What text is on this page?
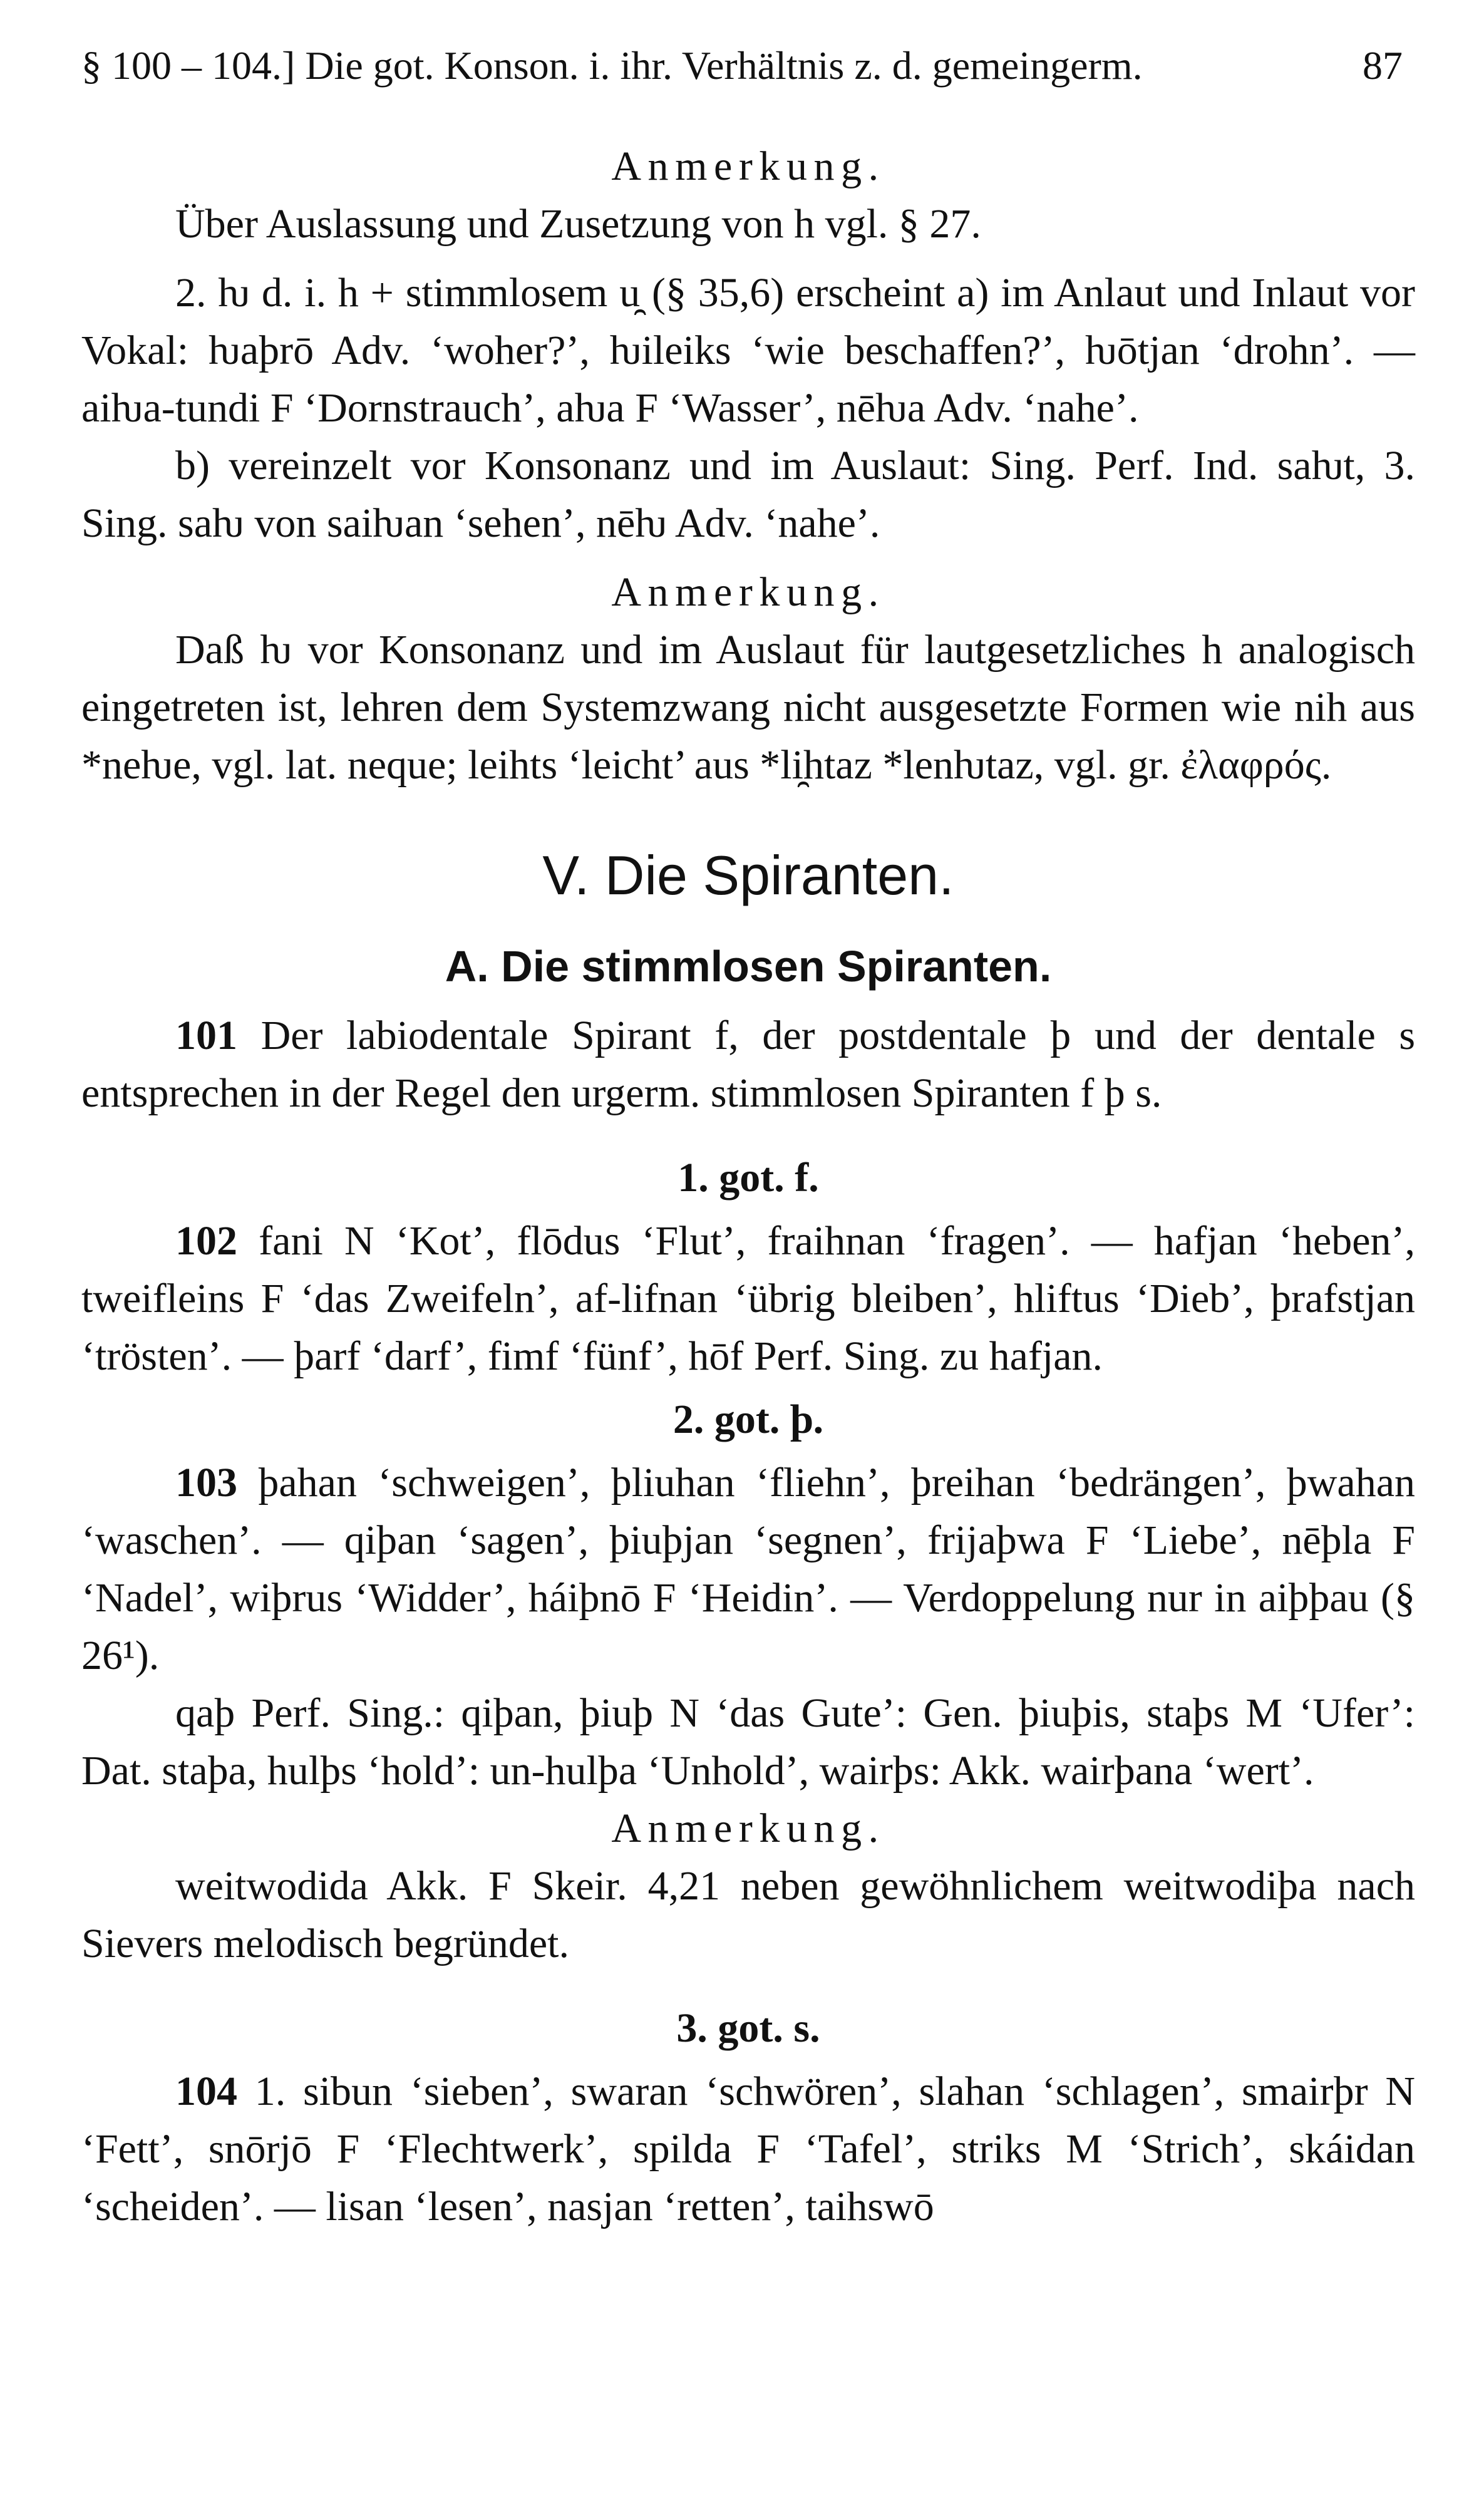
§ 100 – 104.] Die got. Konson. i. ihr. Verhältnis z. d. gemeingerm.	87

Anmerkung.

Über Auslassung und Zusetzung von h vgl. § 27.

2. ƕ d. i. h + stimmlosem u̯ (§ 35,6) erscheint a) im Anlaut und Inlaut vor Vokal: ƕaþrō Adv. ‘woher?’, ƕileiks ‘wie beschaffen?’, ƕōtjan ‘drohn’. — aiƕa-tundi F ‘Dornstrauch’, aƕa F ‘Wasser’, nēƕa Adv. ‘nahe’.

b) vereinzelt vor Konsonanz und im Auslaut: Sing. Perf. Ind. saƕt, 3. Sing. saƕ von saiƕan ‘sehen’, nēƕ Adv. ‘nahe’.

Anmerkung.

Daß ƕ vor Konsonanz und im Auslaut für lautgesetzliches h analogisch eingetreten ist, lehren dem Systemzwang nicht ausgesetzte Formen wie nih aus *neƕe, vgl. lat. neque; leihts ‘leicht’ aus *li̯htaz *lenƕtaz, vgl. gr. ἐλαφρός.

V. Die Spiranten.
A. Die stimmlosen Spiranten.

101 Der labiodentale Spirant f, der postdentale þ und der dentale s entsprechen in der Regel den urgerm. stimmlosen Spiranten f þ s.

1. got. f.

102 fani N ‘Kot’, flōdus ‘Flut’, fraihnan ‘fragen’. — hafjan ‘heben’, tweifleins F ‘das Zweifeln’, af-lifnan ‘übrig bleiben’, hliftus ‘Dieb’, þrafstjan ‘trösten’. — þarf ‘darf’, fimf ‘fünf’, hōf Perf. Sing. zu hafjan.

2. got. þ.

103 þahan ‘schweigen’, þliuhan ‘fliehn’, þreihan ‘bedrängen’, þwahan ‘waschen’. — qiþan ‘sagen’, þiuþjan ‘segnen’, frijaþwa F ‘Liebe’, nēþla F ‘Nadel’, wiþrus ‘Widder’, háiþnō F ‘Heidin’. — Verdoppelung nur in aiþþau (§ 26¹).

qaþ Perf. Sing.: qiþan, þiuþ N ‘das Gute’: Gen. þiuþis, staþs M ‘Ufer’: Dat. staþa, hulþs ‘hold’: un-hulþa ‘Unhold’, wairþs: Akk. wairþana ‘wert’.

Anmerkung.

weitwodida Akk. F Skeir. 4,21 neben gewöhnlichem weitwodiþa nach Sievers melodisch begründet.

3. got. s.

104 1. sibun ‘sieben’, swaran ‘schwören’, slahan ‘schlagen’, smairþr N ‘Fett’, snōrjō F ‘Flechtwerk’, spilda F ‘Tafel’, striks M ‘Strich’, skáidan ‘scheiden’. — lisan ‘lesen’, nasjan ‘retten’, taihswō
